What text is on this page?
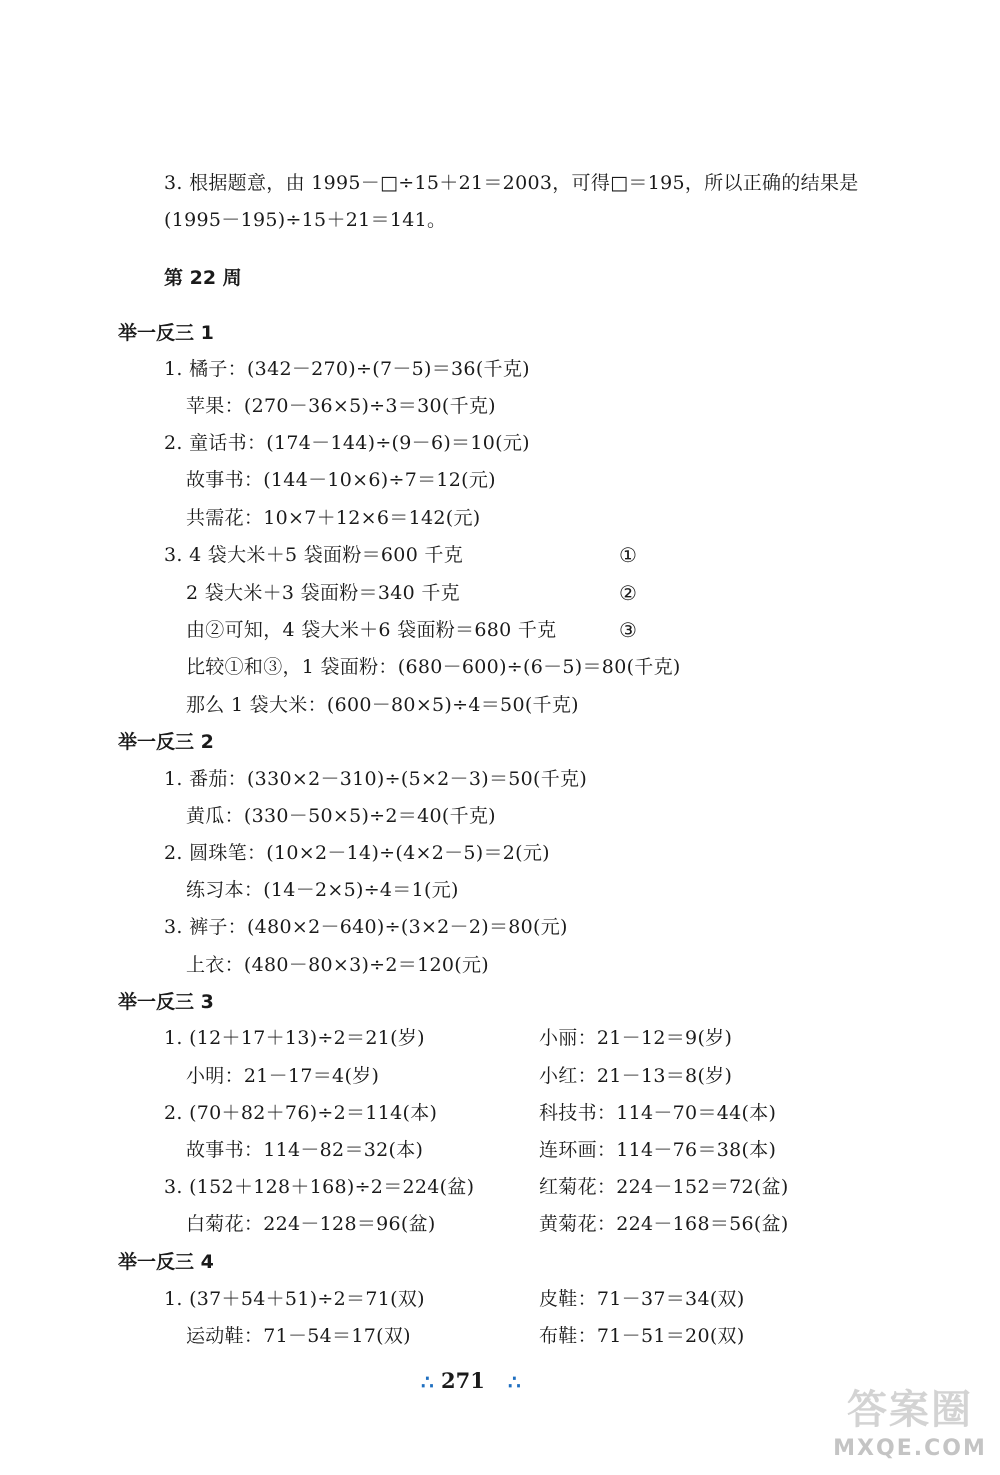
3. 根据题意，由 1995－□÷15＋21＝2003，可得□＝195，所以正确的结果是
(1995－195)÷15＋21＝141。
第 22 周
举一反三 1
1. 橘子：(342－270)÷(7－5)＝36(千克)
苹果：(270－36×5)÷3＝30(千克)
2. 童话书：(174－144)÷(9－6)＝10(元)
故事书：(144－10×6)÷7＝12(元)
共需花：10×7＋12×6＝142(元)
3. 4 袋大米＋5 袋面粉＝600 千克
2 袋大米＋3 袋面粉＝340 千克
由②可知，4 袋大米＋6 袋面粉＝680 千克
比较①和③，1 袋面粉：(680－600)÷(6－5)＝80(千克)
那么 1 袋大米：(600－80×5)÷4＝50(千克)
①
②
③
举一反三 2
1. 番茄：(330×2－310)÷(5×2－3)＝50(千克)
黄瓜：(330－50×5)÷2＝40(千克)
2. 圆珠笔：(10×2－14)÷(4×2－5)＝2(元)
练习本：(14－2×5)÷4＝1(元)
3. 裤子：(480×2－640)÷(3×2－2)＝80(元)
上衣：(480－80×3)÷2＝120(元)
举一反三 3
1. (12＋17＋13)÷2＝21(岁)
小明：21－17＝4(岁)
2. (70＋82＋76)÷2＝114(本)
故事书：114－82＝32(本)
3. (152＋128＋168)÷2＝224(盆)
白菊花：224－128＝96(盆)
小丽：21－12＝9(岁)
小红：21－13＝8(岁)
科技书：114－70＝44(本)
连环画：114－76＝38(本)
红菊花：224－152＝72(盆)
黄菊花：224－168＝56(盆)
举一反三 4
1. (37＋54＋51)÷2＝71(双)
运动鞋：71－54＝17(双)
皮鞋：71－37＝34(双)
布鞋：71－51＝20(双)
∴ 271 ∴
答案圈
MXQE.COM
